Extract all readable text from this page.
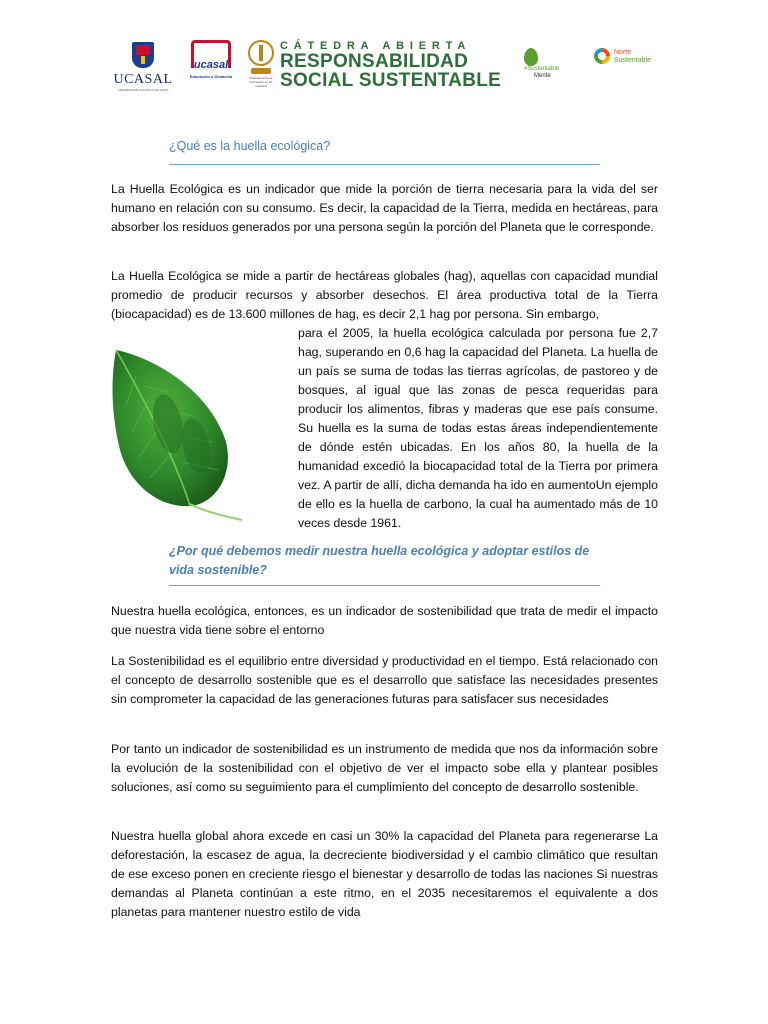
UCASAL
UNIVERSIDAD CATOLICA DE SALTA
ucasal
Educación a Distancia	Departamento de Formación en Fe Cristiana
CÁTEDRA ABIERTA
RESPONSABILIDAD
SOCIAL SUSTENTABLE
#Sustentable
Mente
Norte
Sustentable
¿Qué es la huella ecológica?
La Huella Ecológica es un indicador que mide la porción de tierra necesaria para la vida del ser humano en relación con su consumo. Es decir, la capacidad de la Tierra, medida en hectáreas, para absorber los residuos generados por una persona según la porción del Planeta que le corresponde.
La Huella Ecológica se mide a partir de hectáreas globales (hag), aquellas con capacidad mundial promedio de producir recursos y absorber desechos. El área productiva total de la Tierra (biocapacidad) es de 13.600 millones de hag, es decir 2,1 hag por persona. Sin embargo,
para el 2005, la huella ecológica calculada por persona fue 2,7 hag, superando en 0,6 hag la capacidad del Planeta. La huella de un país se suma de todas las tierras agrícolas, de pastoreo y de bosques, al igual que las zonas de pesca requeridas para producir los alimentos, fibras y maderas que ese país consume. Su huella es la suma de todas estas áreas independientemente de dónde estén ubicadas. En los años 80, la huella de la humanidad excedió la biocapacidad total de la Tierra por primera vez. A partir de allí, dicha demanda ha ido en aumentoUn ejemplo de ello es la huella de carbono, la cual ha aumentado más de 10 veces desde 1961.
¿Por qué debemos medir nuestra huella ecológica y adoptar estilos de
vida sostenible?
Nuestra huella ecológica, entonces, es un indicador de sostenibilidad que trata de medir el impacto que nuestra vida tiene sobre el entorno
La Sostenibilidad es el equilibrio entre diversidad y productividad en el tiempo. Está relacionado con el concepto de desarrollo sostenible que es el desarrollo que satisface las necesidades presentes sin comprometer la capacidad de las generaciones futuras para satisfacer sus necesidades
Por tanto un indicador de sostenibilidad es un instrumento de medida que nos da información sobre la evolución de la sostenibilidad con el objetivo de ver el impacto sobe ella y plantear posibles soluciones, así como su seguimiento para el cumplimiento del concepto de desarrollo sostenible.
Nuestra huella global ahora excede en casi un 30% la capacidad del Planeta para regenerarse La deforestación, la escasez de agua, la decreciente biodiversidad y el cambio climático que resultan de ese exceso ponen en creciente riesgo el bienestar y desarrollo de todas las naciones Si nuestras demandas al Planeta continúan a este ritmo, en el 2035 necesitaremos el equivalente a dos planetas para mantener nuestro estilo de vida
